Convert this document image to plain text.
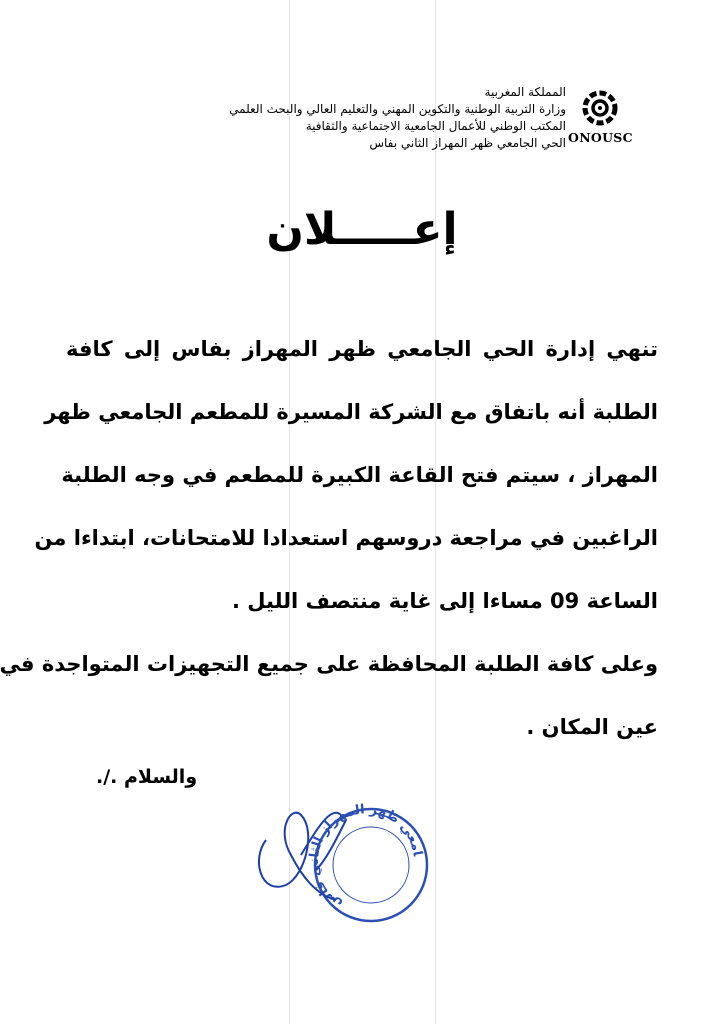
المملكة المغربية
وزارة التربية الوطنية والتكوين المهني والتعليم العالي والبحث العلمي
المكتب الوطني للأعمال الجامعية الاجتماعية والثقافية
الحي الجامعي ظهر المهراز الثاني بفاس ONOUSC
إعـــــلان
تنهي إدارة الحي الجامعي ظهر المهراز بفاس إلى كافة
الطلبة أنه باتفاق مع الشركة المسيرة للمطعم الجامعي ظهر
المهراز ، سيتم فتح القاعة الكبيرة للمطعم في وجه الطلبة
الراغبين في مراجعة دروسهم استعدادا للامتحانات، ابتداءا من
الساعة 09 مساءا إلى غاية منتصف الليل .
وعلى كافة الطلبة المحافظة على جميع التجهيزات المتواجدة في
عين المكان .
والسلام ./.
امعي ظهر المهراز الثاني فاس
